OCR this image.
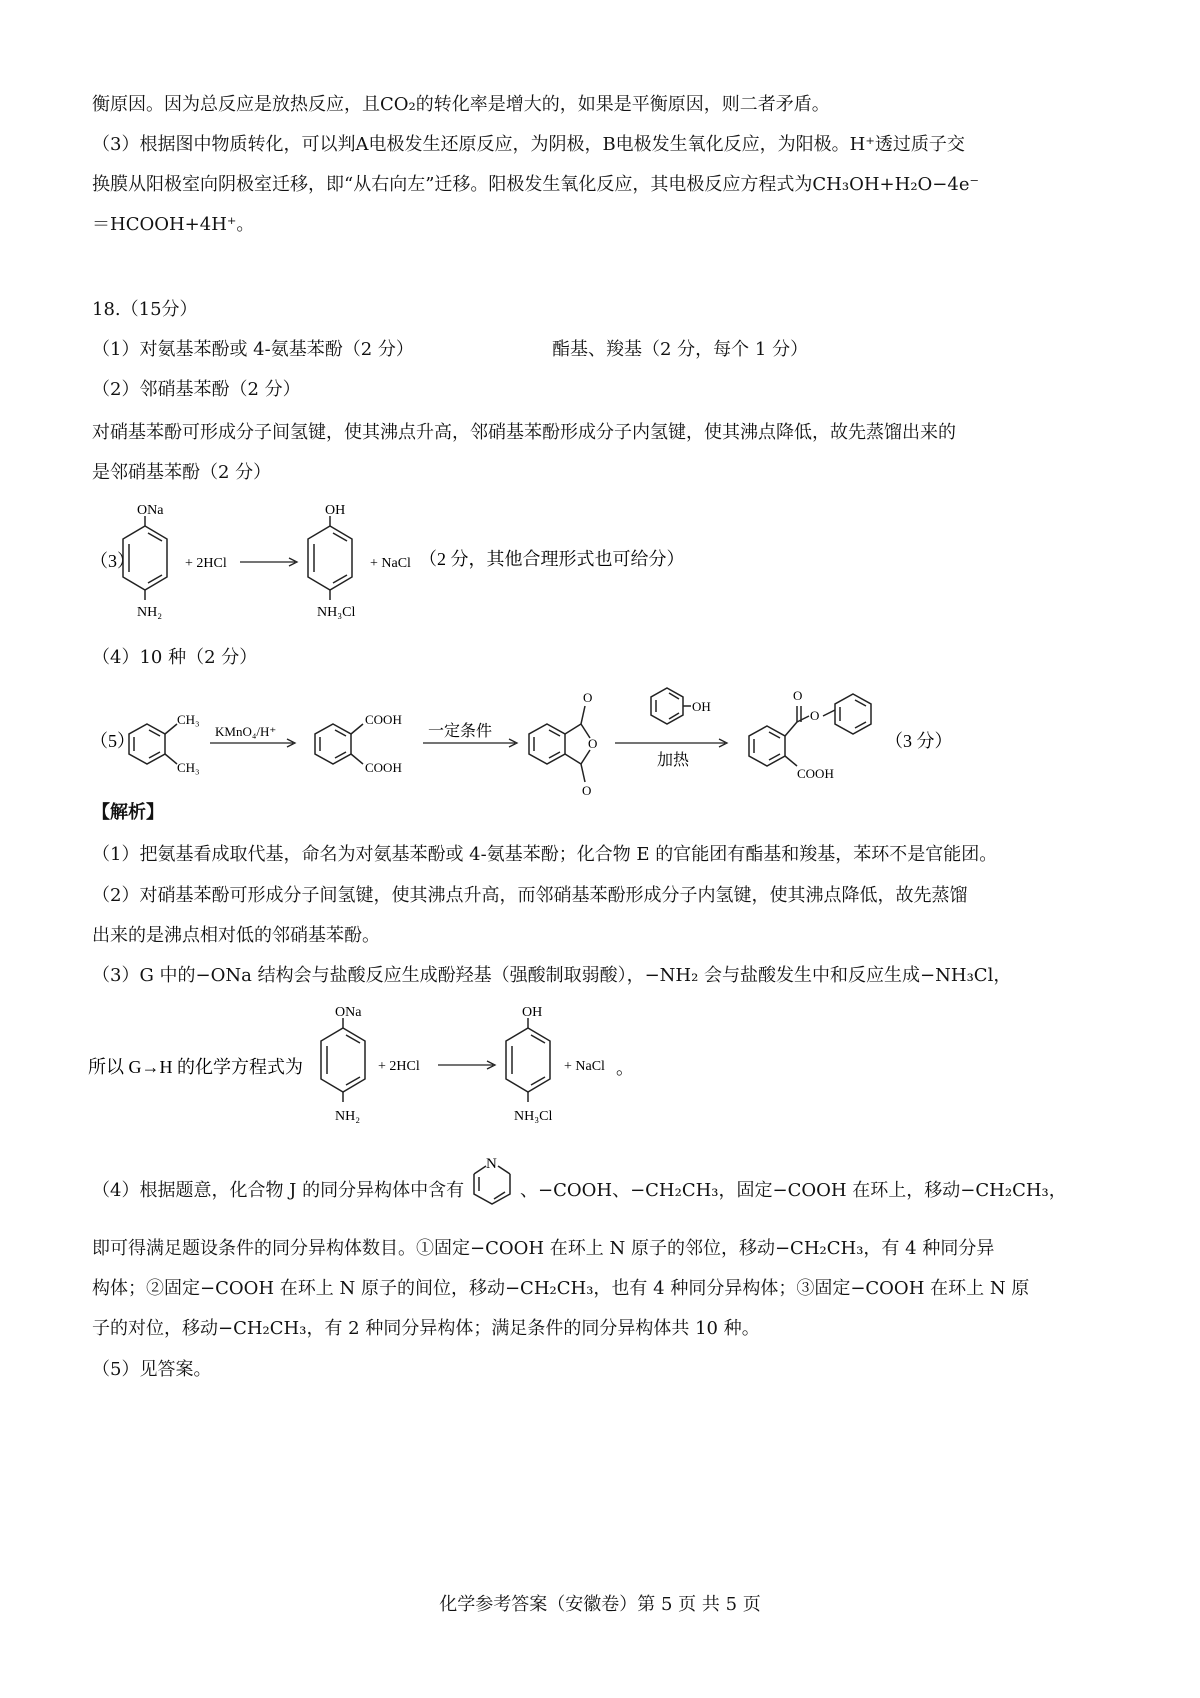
衡原因。因为总反应是放热反应，且CO₂的转化率是增大的，如果是平衡原因，则二者矛盾。
（3）根据图中物质转化，可以判A电极发生还原反应，为阴极，B电极发生氧化反应，为阳极。H⁺透过质子交
换膜从阳极室向阴极室迁移，即“从右向左”迁移。阳极发生氧化反应，其电极反应方程式为CH₃OH+H₂O−4e⁻
＝HCOOH+4H⁺。
18.（15分）
（1）对氨基苯酚或 4-氨基苯酚（2 分）	酯基、羧基（2 分，每个 1 分）
（2）邻硝基苯酚（2 分）
对硝基苯酚可形成分子间氢键，使其沸点升高，邻硝基苯酚形成分子内氢键，使其沸点降低，故先蒸馏出来的
是邻硝基苯酚（2 分）
（3）
ONa
NH₂
+ 2HCl
OH
NH₃Cl
+ NaCl （2 分，其他合理形式也可给分）
（4）10 种（2 分）
（5）
CH₃
CH₃
KMnO₄/H⁺
COOH
COOH
一定条件
O
O
O
OH
加热
O
O
COOH
（3 分）
【解析】
（1）把氨基看成取代基，命名为对氨基苯酚或 4-氨基苯酚；化合物 E 的官能团有酯基和羧基，苯环不是官能团。
（2）对硝基苯酚可形成分子间氢键，使其沸点升高，而邻硝基苯酚形成分子内氢键，使其沸点降低，故先蒸馏
出来的是沸点相对低的邻硝基苯酚。
（3）G 中的−ONa 结构会与盐酸反应生成酚羟基（强酸制取弱酸），−NH₂ 会与盐酸发生中和反应生成−NH₃Cl，
所以 G→H 的化学方程式为
ONa
NH₂
+ 2HCl
OH
NH₃Cl
+ NaCl 。
（4）根据题意，化合物 J 的同分异构体中含有
N
、−COOH、−CH₂CH₃，固定−COOH 在环上，移动−CH₂CH₃，
即可得满足题设条件的同分异构体数目。①固定−COOH 在环上 N 原子的邻位，移动−CH₂CH₃，有 4 种同分异
构体；②固定−COOH 在环上 N 原子的间位，移动−CH₂CH₃，也有 4 种同分异构体；③固定−COOH 在环上 N 原
子的对位，移动−CH₂CH₃，有 2 种同分异构体；满足条件的同分异构体共 10 种。
（5）见答案。
化学参考答案（安徽卷）第 5 页 共 5 页
